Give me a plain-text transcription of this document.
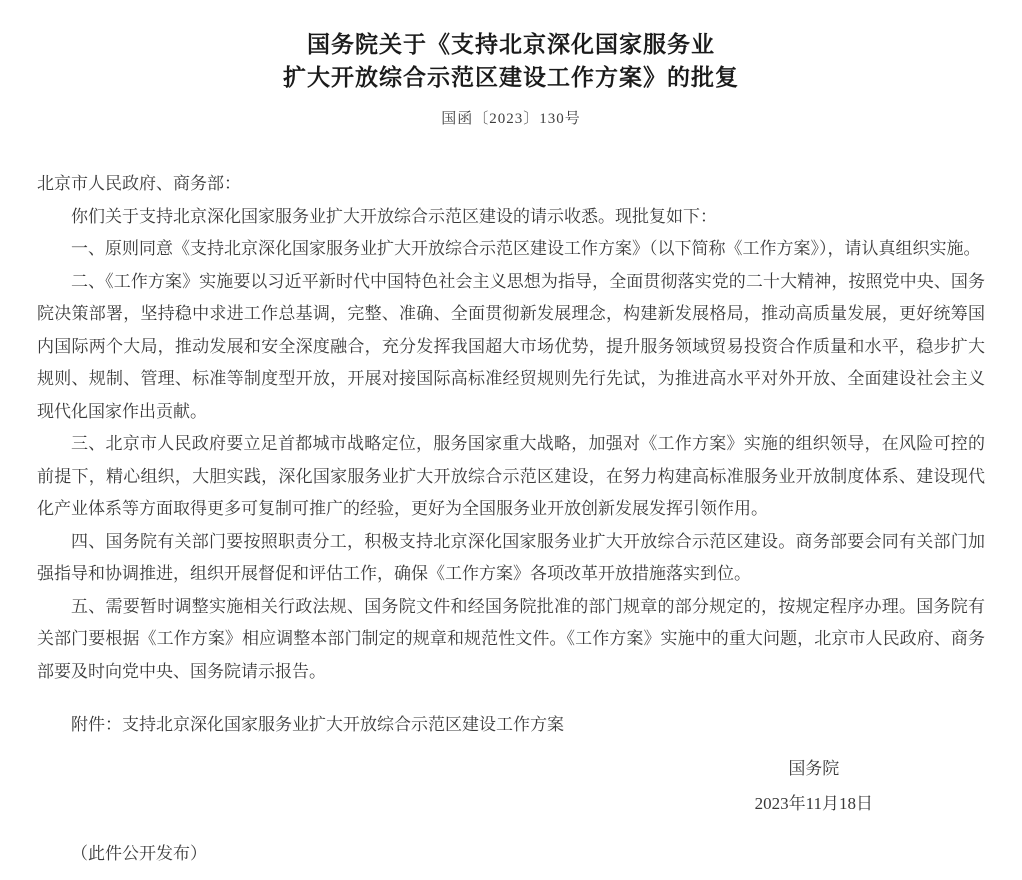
国务院关于《支持北京深化国家服务业
扩大开放综合示范区建设工作方案》的批复
国函〔2023〕130号

北京市人民政府、商务部：

你们关于支持北京深化国家服务业扩大开放综合示范区建设的请示收悉。现批复如下：

一、原则同意《支持北京深化国家服务业扩大开放综合示范区建设工作方案》（以下简称《工作方案》），请认真组织实施。

二、《工作方案》实施要以习近平新时代中国特色社会主义思想为指导，全面贯彻落实党的二十大精神，按照党中央、国务院决策部署，坚持稳中求进工作总基调，完整、准确、全面贯彻新发展理念，构建新发展格局，推动高质量发展，更好统筹国内国际两个大局，推动发展和安全深度融合，充分发挥我国超大市场优势，提升服务领域贸易投资合作质量和水平，稳步扩大规则、规制、管理、标准等制度型开放，开展对接国际高标准经贸规则先行先试，为推进高水平对外开放、全面建设社会主义现代化国家作出贡献。

三、北京市人民政府要立足首都城市战略定位，服务国家重大战略，加强对《工作方案》实施的组织领导，在风险可控的前提下，精心组织，大胆实践，深化国家服务业扩大开放综合示范区建设，在努力构建高标准服务业开放制度体系、建设现代化产业体系等方面取得更多可复制可推广的经验，更好为全国服务业开放创新发展发挥引领作用。

四、国务院有关部门要按照职责分工，积极支持北京深化国家服务业扩大开放综合示范区建设。商务部要会同有关部门加强指导和协调推进，组织开展督促和评估工作，确保《工作方案》各项改革开放措施落实到位。

五、需要暂时调整实施相关行政法规、国务院文件和经国务院批准的部门规章的部分规定的，按规定程序办理。国务院有关部门要根据《工作方案》相应调整本部门制定的规章和规范性文件。《工作方案》实施中的重大问题，北京市人民政府、商务部要及时向党中央、国务院请示报告。

附件：支持北京深化国家服务业扩大开放综合示范区建设工作方案

国务院
2023年11月18日

（此件公开发布）
